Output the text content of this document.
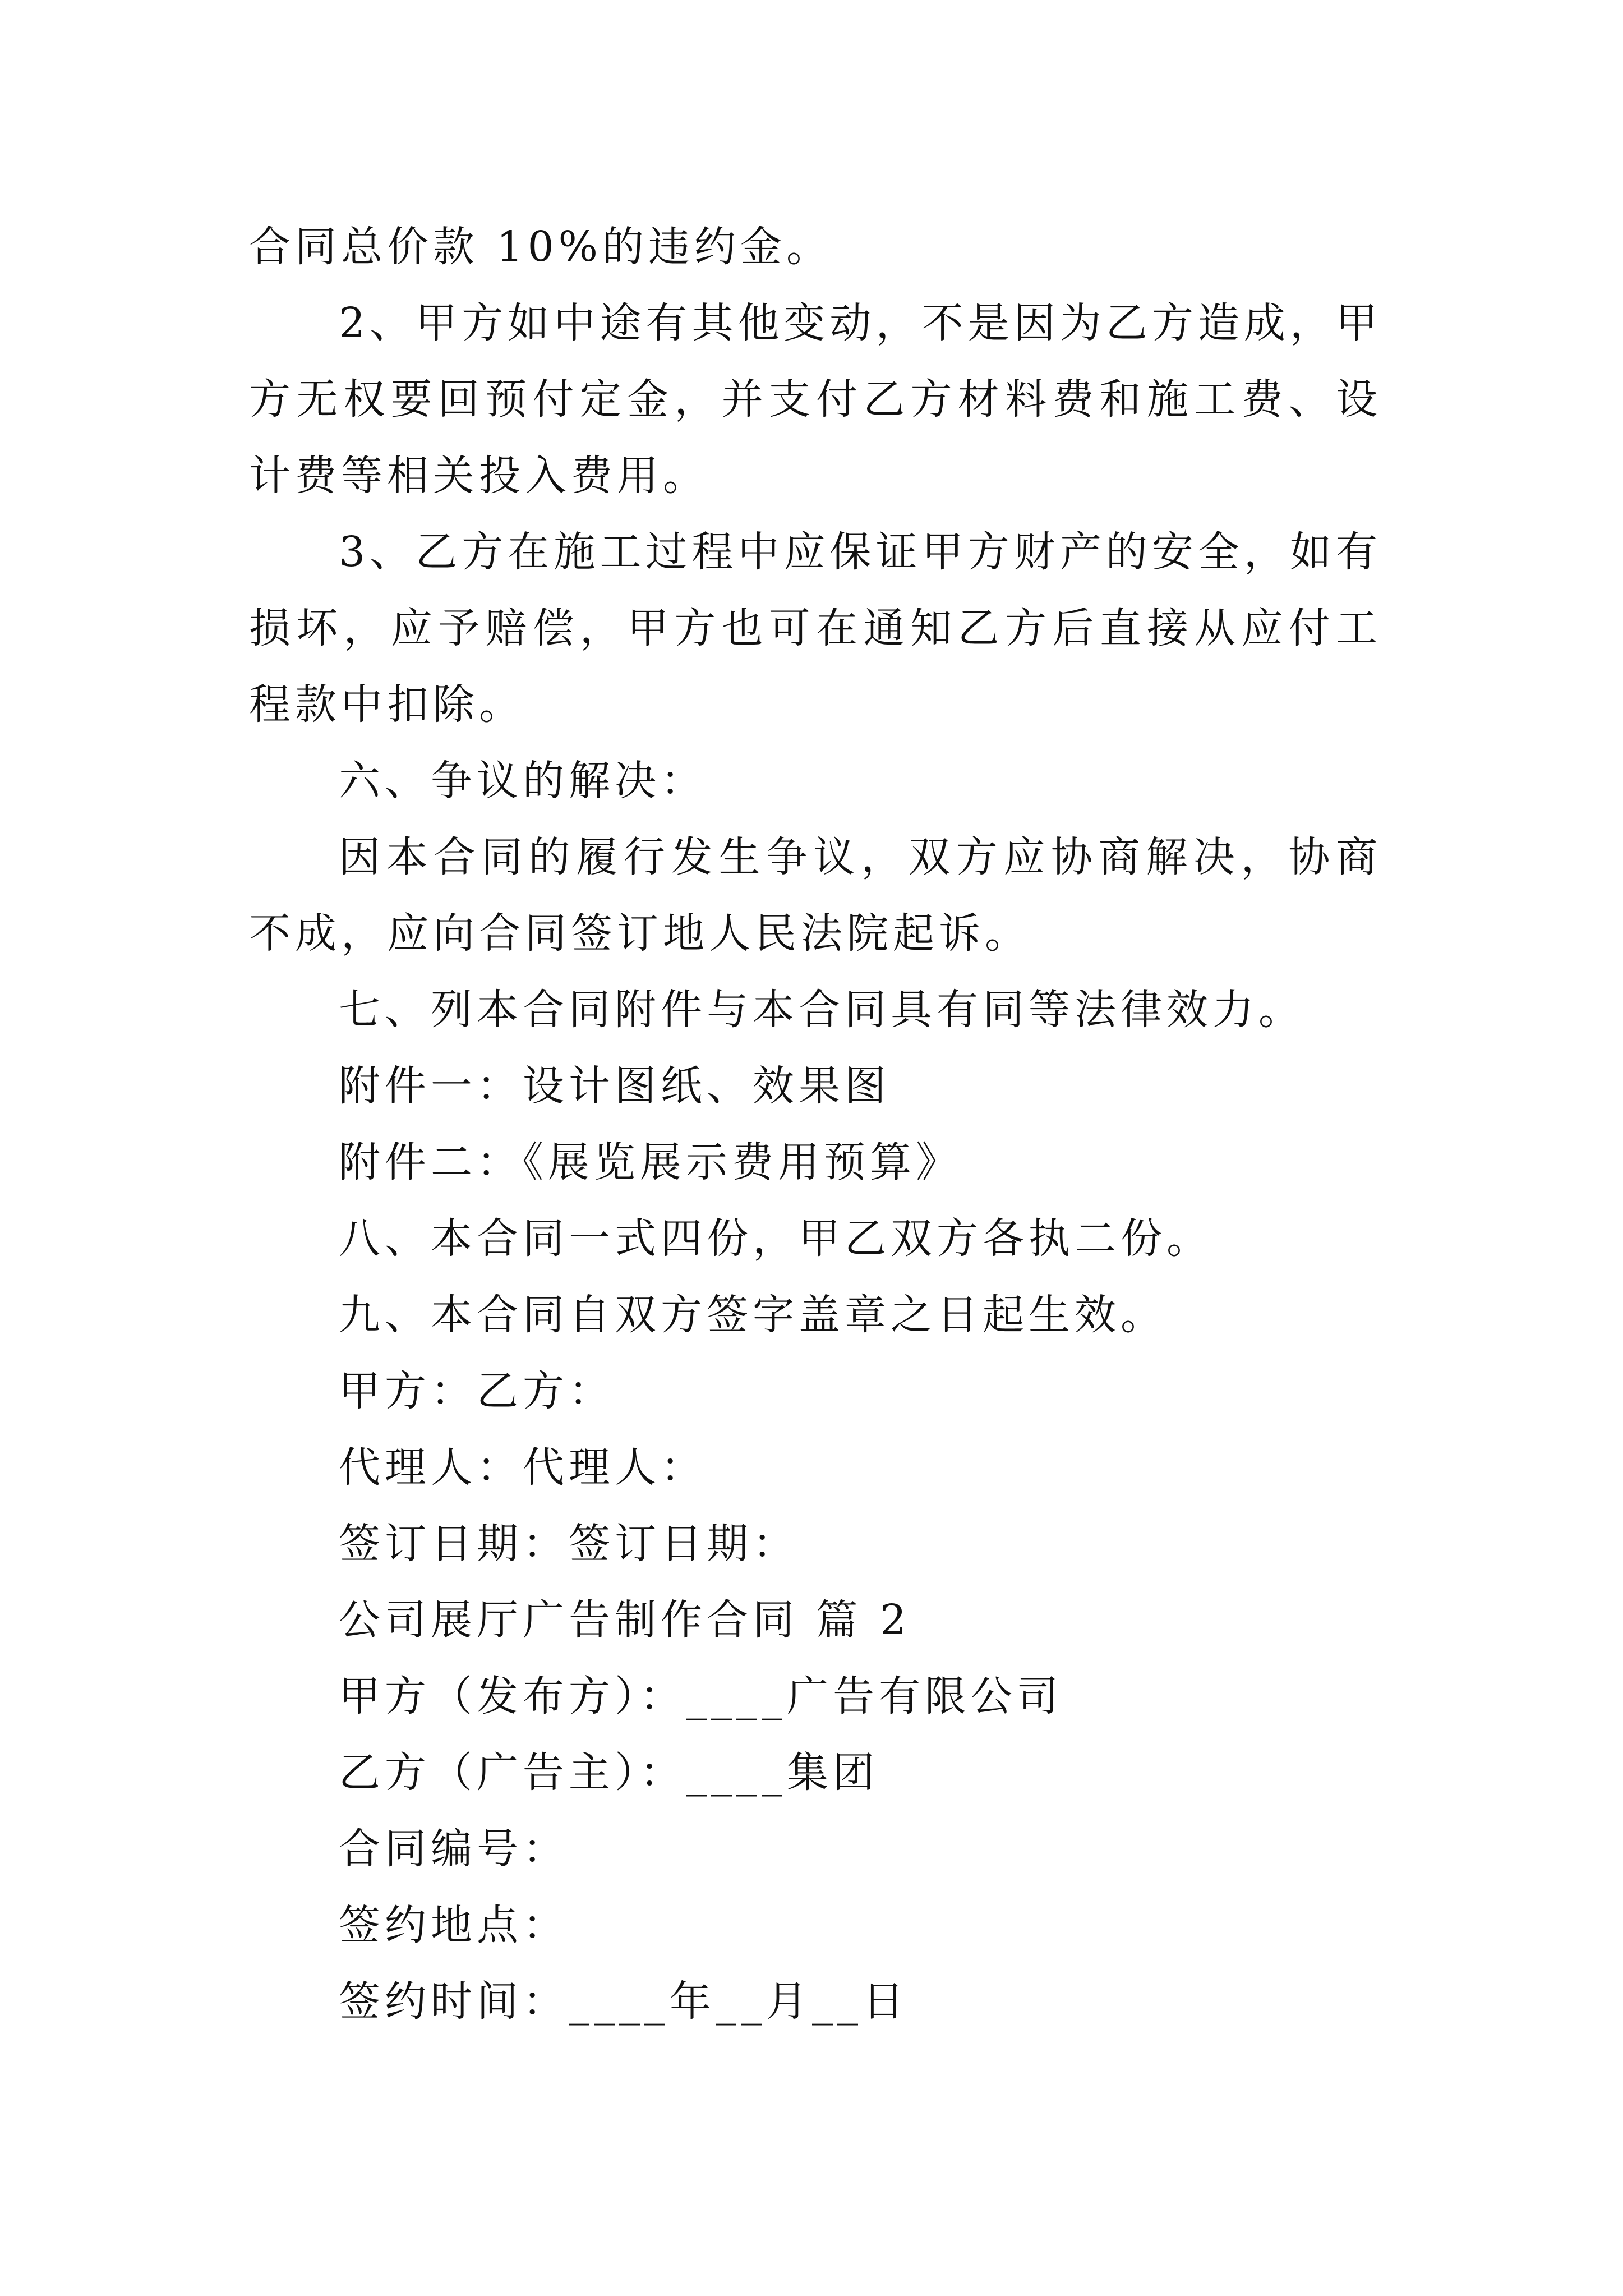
合同总价款 10%的违约金。

2、甲方如中途有其他变动，不是因为乙方造成，甲方无权要回预付定金，并支付乙方材料费和施工费、设计费等相关投入费用。

3、乙方在施工过程中应保证甲方财产的安全，如有损坏，应予赔偿，甲方也可在通知乙方后直接从应付工程款中扣除。

六、争议的解决：

因本合同的履行发生争议，双方应协商解决，协商不成，应向合同签订地人民法院起诉。

七、列本合同附件与本合同具有同等法律效力。

附件一：设计图纸、效果图

附件二：《展览展示费用预算》

八、本合同一式四份，甲乙双方各执二份。

九、本合同自双方签字盖章之日起生效。

甲方：乙方：

代理人：代理人：

签订日期：签订日期：

公司展厅广告制作合同 篇 2

甲方（发布方）：____广告有限公司

乙方（广告主）：____集团

合同编号：

签约地点：

签约时间：____年__月__日
